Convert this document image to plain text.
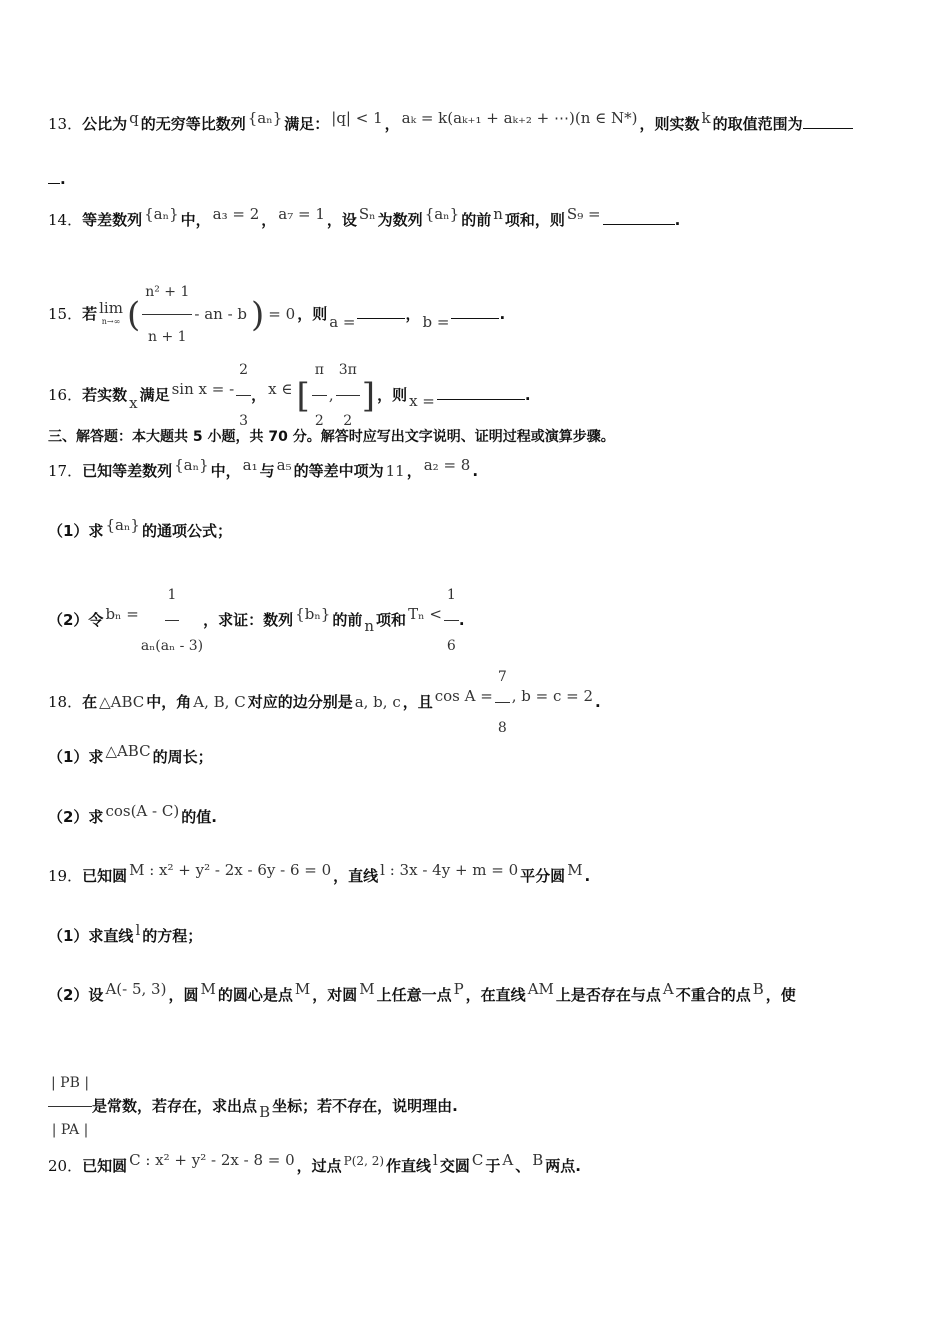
13．公比为 q 的无穷等比数列 {aₙ} 满足： |q| < 1 ， aₖ = k(aₖ₊₁ + aₖ₊₂ + ⋯)(n ∈ N*) ，则实数 k 的取值范围为
.
14．等差数列 {aₙ} 中， a₃ = 2 ， a₇ = 1 ，设 Sₙ 为数列 {aₙ} 的前 n 项和，则 S₉ =	.
15．若 lim
n→∞ ( $\frac{\text{n² + 1}}{n + 1}$ - an - b ) = 0 ，则 a =	， b =	.
16．若实数 x 满足 sin x = - $\frac{2}{3}$ ， x ∈ [ $\frac{\pi}{2}$ , $\frac{3\pi}{2}$ ] ，则 x =	.
三、解答题：本大题共 5 小题，共 70 分。解答时应写出文字说明、证明过程或演算步骤。
17．已知等差数列 {aₙ} 中， a₁ 与 a₅ 的等差中项为 11 ， a₂ = 8 .
（1）求 {aₙ} 的通项公式；
（2）令 $b_n = \frac{1}{\text{aₙ(aₙ - 3)}}$ ，求证：数列 {bₙ} 的前 n 项和 $T_n < \frac{1}{6}$ .
18．在 △ABC 中，角 A, B, C 对应的边分别是 a, b, c ，且 $\cos A = \frac{7}{8}$ , b = c = 2 .
（1）求 △ABC 的周长；
（2）求 cos(A - C) 的值.
19．已知圆 M : x² + y² - 2x - 6y - 6 = 0 ，直线 l : 3x - 4y + m = 0 平分圆 M .
（1）求直线 l 的方程；
（2）设 A(- 5, 3) ，圆 M 的圆心是点 M ，对圆 M 上任意一点 P ，在直线 AM 上是否存在与点 A 不重合的点 B ，使
$\frac{| PB |}{| PA |}$ 是常数，若存在，求出点 B 坐标；若不存在，说明理由.
20．已知圆 C : x² + y² - 2x - 8 = 0 ，过点 $^{P(2, 2)}$ 作直线 l 交圆 C 于 A 、 B 两点.
